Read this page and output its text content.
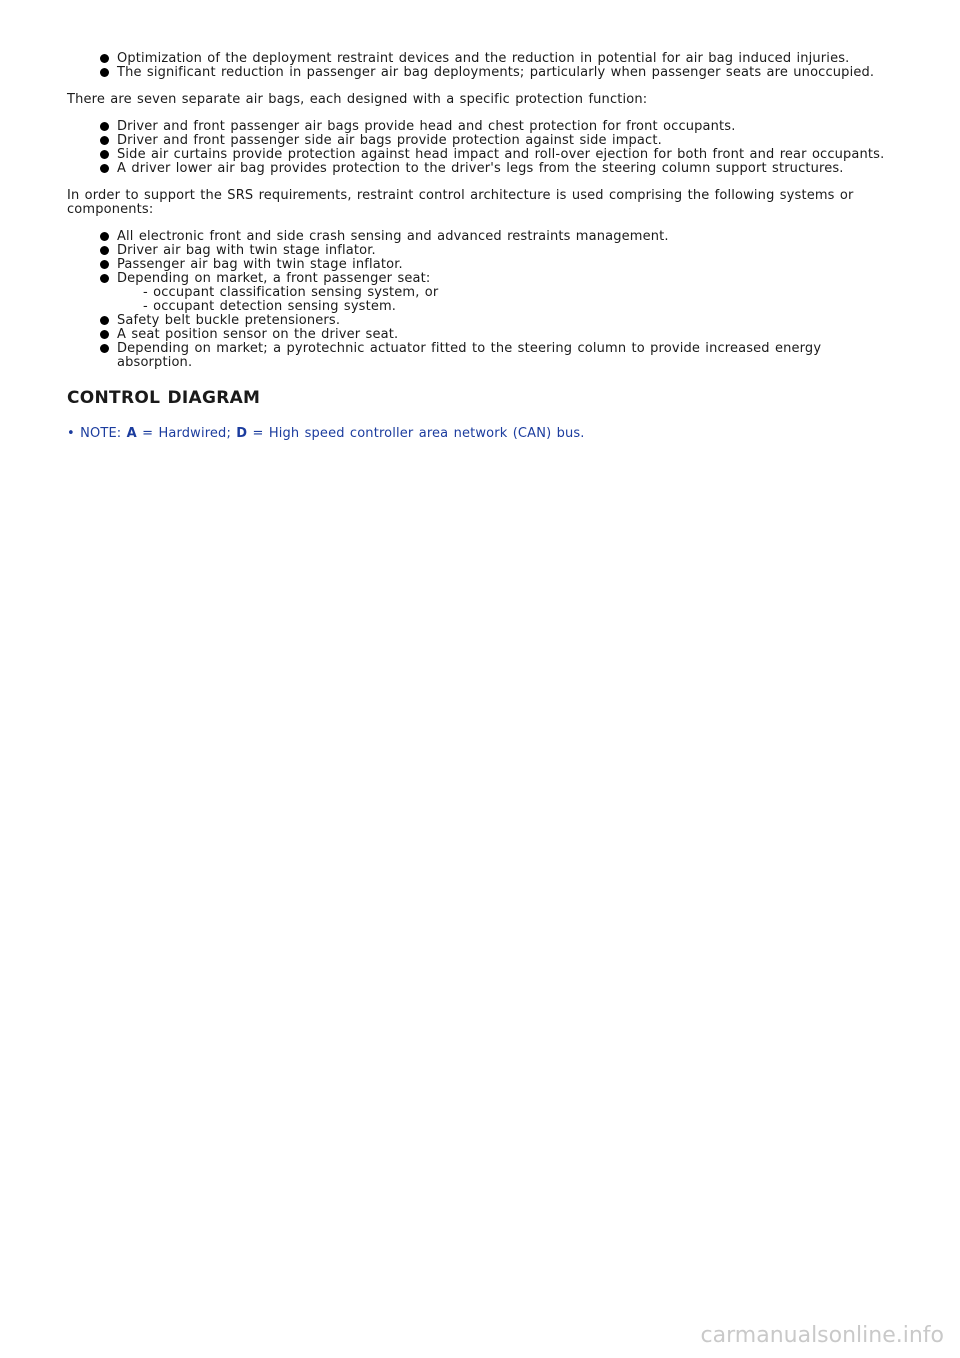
Optimization of the deployment restraint devices and the reduction in potential for air bag induced injuries.
The significant reduction in passenger air bag deployments; particularly when passenger seats are unoccupied.

There are seven separate air bags, each designed with a specific protection function:

Driver and front passenger air bags provide head and chest protection for front occupants.
Driver and front passenger side air bags provide protection against side impact.
Side air curtains provide protection against head impact and roll-over ejection for both front and rear occupants.
A driver lower air bag provides protection to the driver's legs from the steering column support structures.

In order to support the SRS requirements, restraint control architecture is used comprising the following systems or components:

All electronic front and side crash sensing and advanced restraints management.
Driver air bag with twin stage inflator.
Passenger air bag with twin stage inflator.
Depending on market, a front passenger seat:
- occupant classification sensing system, or
- occupant detection sensing system.
Safety belt buckle pretensioners.
A seat position sensor on the driver seat.
Depending on market; a pyrotechnic actuator fitted to the steering column to provide increased energy absorption.
CONTROL DIAGRAM
• NOTE: A = Hardwired; D = High speed controller area network (CAN) bus.
carmanualsonline.info
